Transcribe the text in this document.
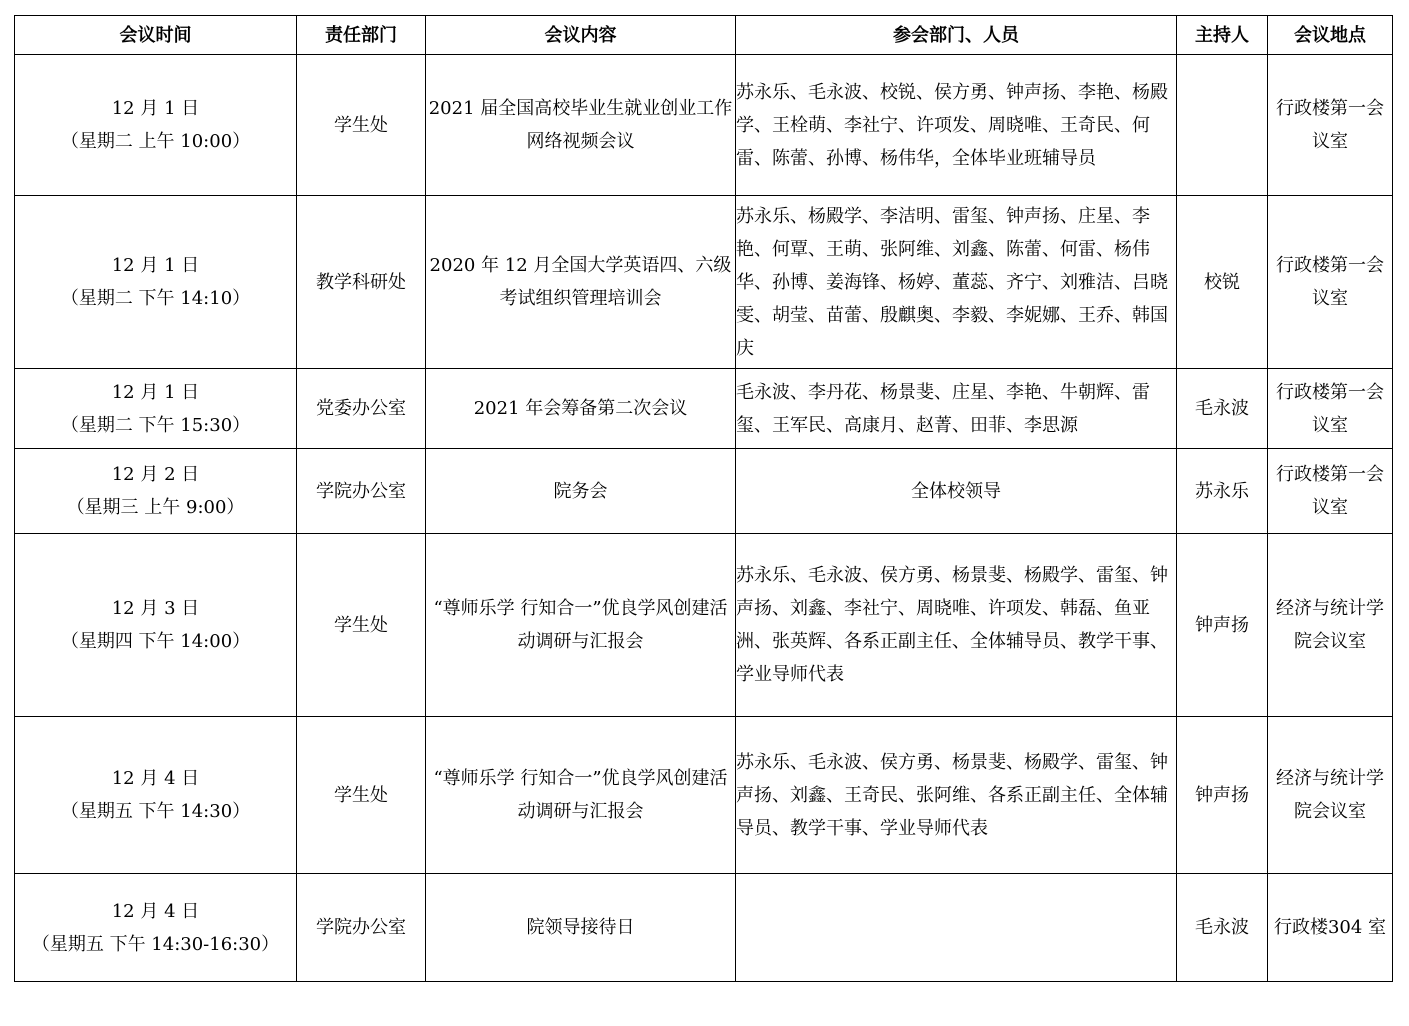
会议时间	责任部门	会议内容	参会部门、人员	主持人	会议地点

12 月 1 日
（星期二 上午 10:00）	学生处	2021 届全国高校毕业生就业创业工作网络视频会议	苏永乐、毛永波、校锐、侯方勇、钟声扬、李艳、杨殿学、王栓萌、李社宁、许项发、周晓唯、王奇民、何雷、陈蕾、孙博、杨伟华，全体毕业班辅导员		行政楼第一会议室

12 月 1 日
（星期二 下午 14:10）	教学科研处	2020 年 12 月全国大学英语四、六级考试组织管理培训会	苏永乐、杨殿学、李洁明、雷玺、钟声扬、庄星、李艳、何覃、王萌、张阿维、刘鑫、陈蕾、何雷、杨伟华、孙博、姜海锋、杨婷、董蕊、齐宁、刘雅洁、吕晓雯、胡莹、苗蕾、殷麒奥、李毅、李妮娜、王乔、韩国庆	校锐	行政楼第一会议室

12 月 1 日
（星期二 下午 15:30）	党委办公室	2021 年会筹备第二次会议	毛永波、李丹花、杨景斐、庄星、李艳、牛朝辉、雷玺、王军民、高康月、赵菁、田菲、李思源	毛永波	行政楼第一会议室

12 月 2 日
（星期三 上午 9:00）	学院办公室	院务会	全体校领导	苏永乐	行政楼第一会议室

12 月 3 日
（星期四 下午 14:00）	学生处	“尊师乐学 行知合一”优良学风创建活动调研与汇报会	苏永乐、毛永波、侯方勇、杨景斐、杨殿学、雷玺、钟声扬、刘鑫、李社宁、周晓唯、许项发、韩磊、鱼亚洲、张英辉、各系正副主任、全体辅导员、教学干事、学业导师代表	钟声扬	经济与统计学院会议室

12 月 4 日
（星期五 下午 14:30）	学生处	“尊师乐学 行知合一”优良学风创建活动调研与汇报会	苏永乐、毛永波、侯方勇、杨景斐、杨殿学、雷玺、钟声扬、刘鑫、王奇民、张阿维、各系正副主任、全体辅导员、教学干事、学业导师代表	钟声扬	经济与统计学院会议室

12 月 4 日
（星期五 下午 14:30-16:30）	学院办公室	院领导接待日		毛永波	行政楼304 室
